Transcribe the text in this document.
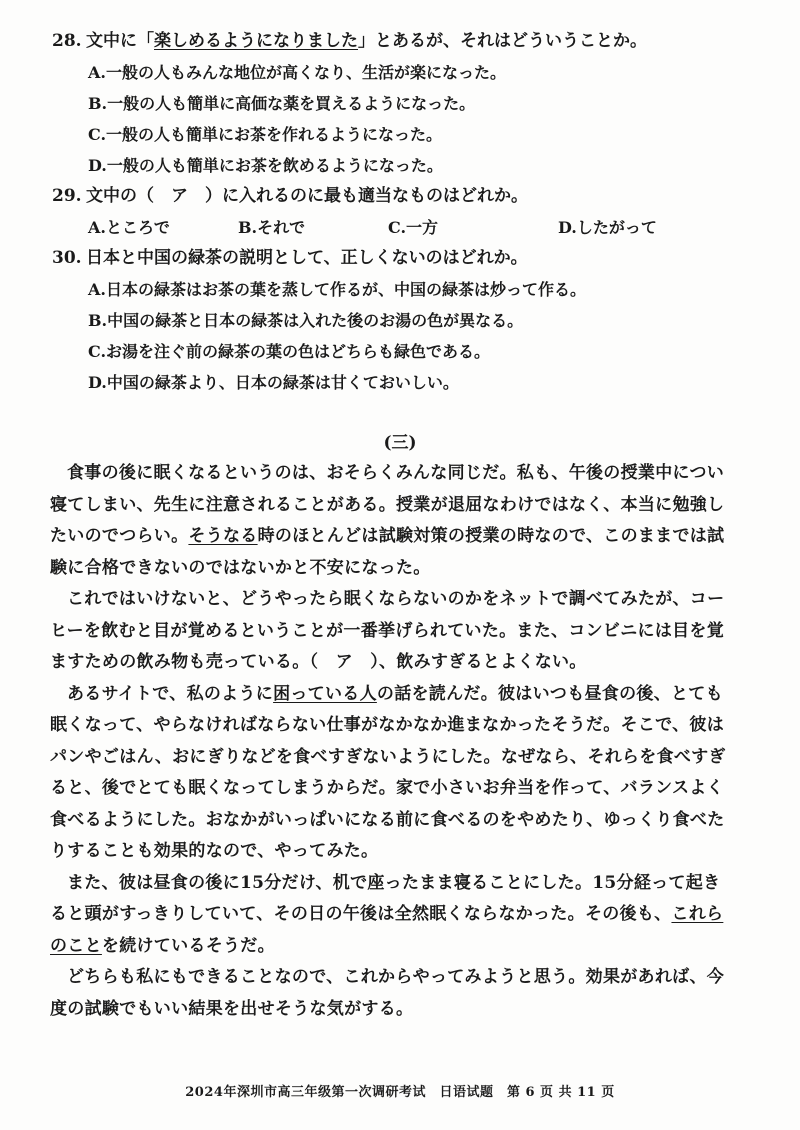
28. 文中に「楽しめるようになりました」とあるが、それはどういうことか。
A.一般の人もみんな地位が高くなり、生活が楽になった。
B.一般の人も簡単に高価な薬を買えるようになった。
C.一般の人も簡単にお茶を作れるようになった。
D.一般の人も簡単にお茶を飲めるようになった。
29. 文中の（　ア　）に入れるのに最も適当なものはどれか。
A.ところで	B.それで	C.一方	D.したがって
30. 日本と中国の緑茶の説明として、正しくないのはどれか。
A.日本の緑茶はお茶の葉を蒸して作るが、中国の緑茶は炒って作る。
B.中国の緑茶と日本の緑茶は入れた後のお湯の色が異なる。
C.お湯を注ぐ前の緑茶の葉の色はどちらも緑色である。
D.中国の緑茶より、日本の緑茶は甘くておいしい。
(三)
食事の後に眠くなるというのは、おそらくみんな同じだ。私も、午後の授業中につい
寝てしまい、先生に注意されることがある。授業が退屈なわけではなく、本当に勉強し
たいのでつらい。そうなる時のほとんどは試験対策の授業の時なので、このままでは試
験に合格できないのではないかと不安になった。
これではいけないと、どうやったら眠くならないのかをネットで調べてみたが、コー
ヒーを飲むと目が覚めるということが一番挙げられていた。また、コンビニには目を覚
ますための飲み物も売っている。（　ア　）、飲みすぎるとよくない。
あるサイトで、私のように困っている人の話を読んだ。彼はいつも昼食の後、とても
眠くなって、やらなければならない仕事がなかなか進まなかったそうだ。そこで、彼は
パンやごはん、おにぎりなどを食べすぎないようにした。なぜなら、それらを食べすぎ
ると、後でとても眠くなってしまうからだ。家で小さいお弁当を作って、バランスよく
食べるようにした。おなかがいっぱいになる前に食べるのをやめたり、ゆっくり食べた
りすることも効果的なので、やってみた。
また、彼は昼食の後に15分だけ、机で座ったまま寝ることにした。15分経って起き
ると頭がすっきりしていて、その日の午後は全然眠くならなかった。その後も、これら
のことを続けているそうだ。
どちらも私にもできることなので、これからやってみようと思う。効果があれば、今
度の試験でもいい結果を出せそうな気がする。
2024年深圳市高三年级第一次调研考试　日语试题　第 6 页 共 11 页
